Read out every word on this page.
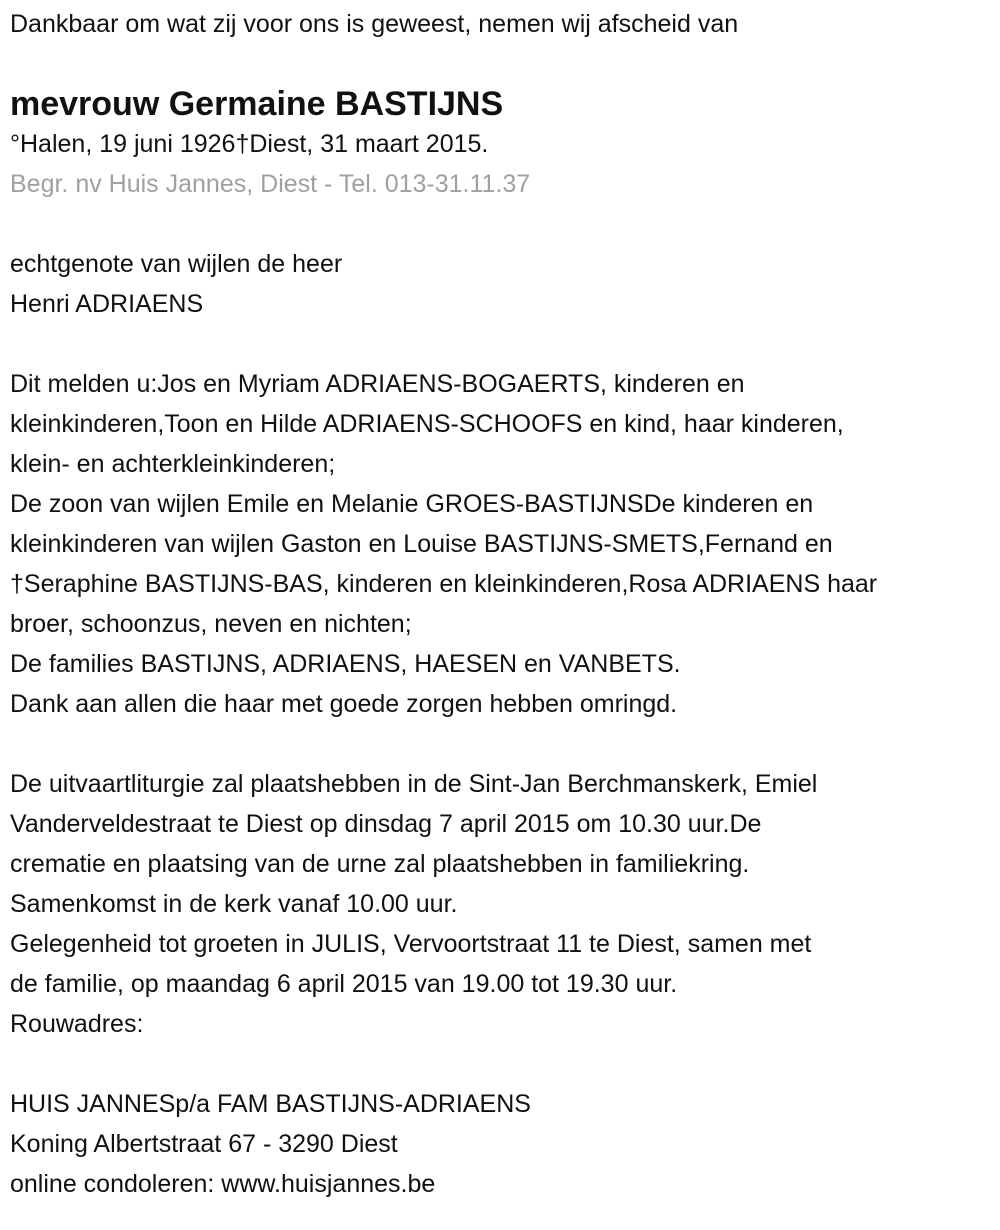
Dankbaar om wat zij voor ons is geweest, nemen wij afscheid van
mevrouw Germaine BASTIJNS
°Halen, 19 juni 1926†Diest, 31 maart 2015.
Begr. nv Huis Jannes, Diest - Tel. 013-31.11.37
echtgenote van wijlen de heer
Henri ADRIAENS
Dit melden u:Jos en Myriam ADRIAENS-BOGAERTS, kinderen en
kleinkinderen,Toon en Hilde ADRIAENS-SCHOOFS en kind, haar kinderen,
klein- en achterkleinkinderen;
De zoon van wijlen Emile en Melanie GROES-BASTIJNSDe kinderen en
kleinkinderen van wijlen Gaston en Louise BASTIJNS-SMETS,Fernand en
†Seraphine BASTIJNS-BAS, kinderen en kleinkinderen,Rosa ADRIAENS haar
broer, schoonzus, neven en nichten;
De families BASTIJNS, ADRIAENS, HAESEN en VANBETS.
Dank aan allen die haar met goede zorgen hebben omringd.
De uitvaartliturgie zal plaatshebben in de Sint-Jan Berchmanskerk, Emiel
Vanderveldestraat te Diest op dinsdag 7 april 2015 om 10.30 uur.De
crematie en plaatsing van de urne zal plaatshebben in familiekring.
Samenkomst in de kerk vanaf 10.00 uur.
Gelegenheid tot groeten in JULIS, Vervoortstraat 11 te Diest, samen met
de familie, op maandag 6 april 2015 van 19.00 tot 19.30 uur.
Rouwadres:
HUIS JANNESp/a FAM BASTIJNS-ADRIAENS
Koning Albertstraat 67 - 3290 Diest
online condoleren: www.huisjannes.be
